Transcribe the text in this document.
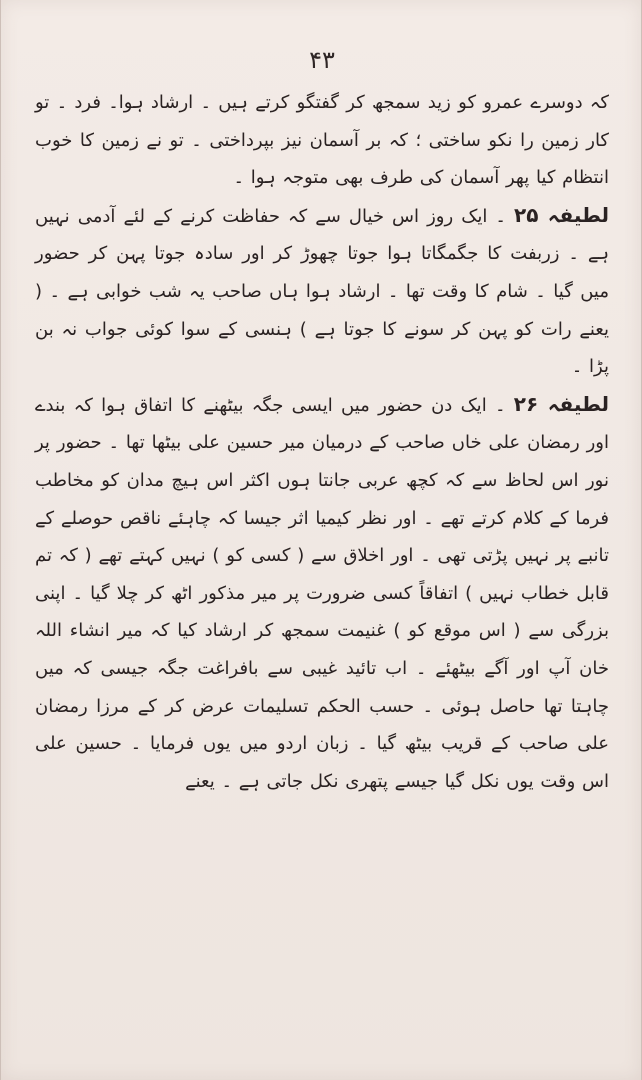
۴۳

کہ دوسرے عمرو کو زید سمجھ کر گفتگو کرتے ہیں ۔ ارشاد ہوا۔ فرد ۔ تو کار زمین را نکو ساختی ؛ کہ بر آسمان نیز بپرداختی ۔ تو نے زمین کا خوب انتظام کیا پھر آسمان کی طرف بھی متوجہ ہوا ۔

لطیفہ ۲۵ ۔ ایک روز اس خیال سے کہ حفاظت کرنے کے لئے آدمی نہیں ہے ۔ زربفت کا جگمگاتا ہوا جوتا چھوڑ کر اور سادہ جوتا پہن کر حضور میں گیا ۔ شام کا وقت تھا ۔ ارشاد ہوا ہاں صاحب یہ شب خوابی ہے ۔ ( یعنے رات کو پہن کر سونے کا جوتا ہے ) ہنسی کے سوا کوئی جواب نہ بن پڑا ۔

لطیفہ ۲۶ ۔ ایک دن حضور میں ایسی جگہ بیٹھنے کا اتفاق ہوا کہ بندے اور رمضان علی خاں صاحب کے درمیان میر حسین علی بیٹھا تھا ۔ حضور پر نور اس لحاظ سے کہ کچھ عربی جانتا ہوں اکثر اس ہیچ مدان کو مخاطب فرما کے کلام کرتے تھے ۔ اور نظر کیمیا اثر جیسا کہ چاہئے ناقص حوصلے کے تانبے پر نہیں پڑتی تھی ۔ اور اخلاق سے ( کسی کو ) نہیں کہتے تھے ( کہ تم قابل خطاب نہیں ) اتفاقاً کسی ضرورت پر میر مذکور اٹھ کر چلا گیا ۔ اپنی بزرگی سے ( اس موقع کو ) غنیمت سمجھ کر ارشاد کیا کہ میر انشاء اللہ خان آپ اور آگے بیٹھئے ۔ اب تائید غیبی سے بافراغت جگہ جیسی کہ میں چاہتا تھا حاصل ہوئی ۔ حسب الحکم تسلیمات عرض کر کے مرزا رمضان علی صاحب کے قریب بیٹھ گیا ۔ زبان اردو میں یوں فرمایا ۔ حسین علی اس وقت یوں نکل گیا جیسے پتھری نکل جاتی ہے ۔ یعنے
